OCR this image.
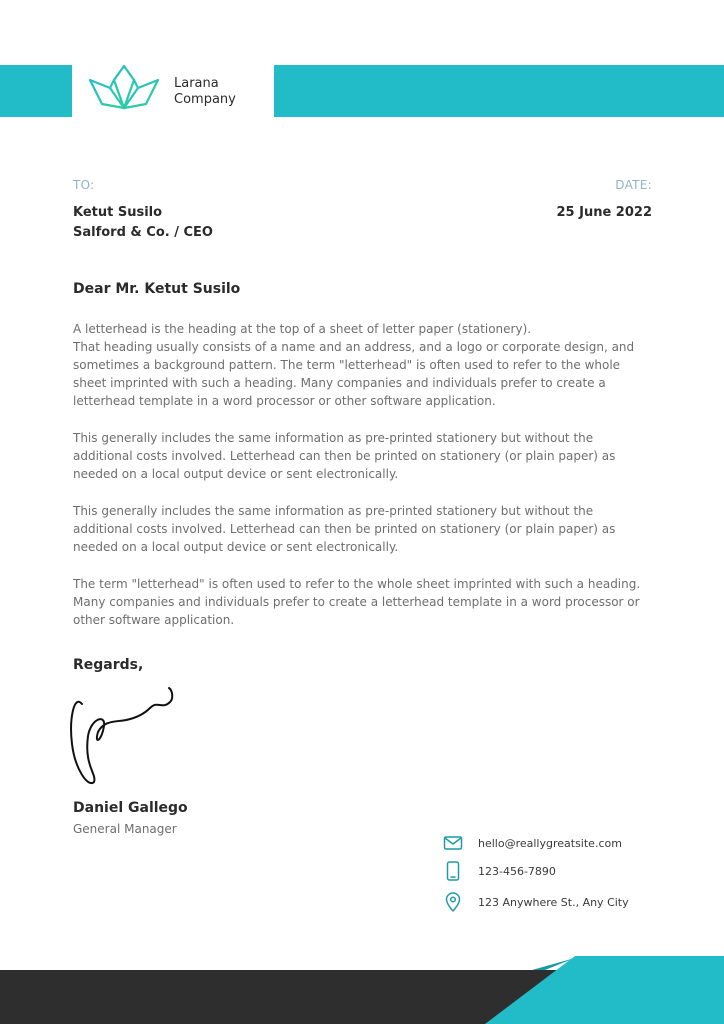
Larana
Company
TO:	DATE:
Ketut Susilo
Salford & Co. / CEO
25 June 2022
Dear Mr. Ketut Susilo
A letterhead is the heading at the top of a sheet of letter paper (stationery).
That heading usually consists of a name and an address, and a logo or corporate design, and
sometimes a background pattern. The term "letterhead" is often used to refer to the whole
sheet imprinted with such a heading. Many companies and individuals prefer to create a
letterhead template in a word processor or other software application.
This generally includes the same information as pre-printed stationery but without the
additional costs involved. Letterhead can then be printed on stationery (or plain paper) as
needed on a local output device or sent electronically.
This generally includes the same information as pre-printed stationery but without the
additional costs involved. Letterhead can then be printed on stationery (or plain paper) as
needed on a local output device or sent electronically.
The term "letterhead" is often used to refer to the whole sheet imprinted with such a heading.
Many companies and individuals prefer to create a letterhead template in a word processor or
other software application.
Regards,
Daniel Gallego
General Manager
hello@reallygreatsite.com
123-456-7890
123 Anywhere St., Any City
